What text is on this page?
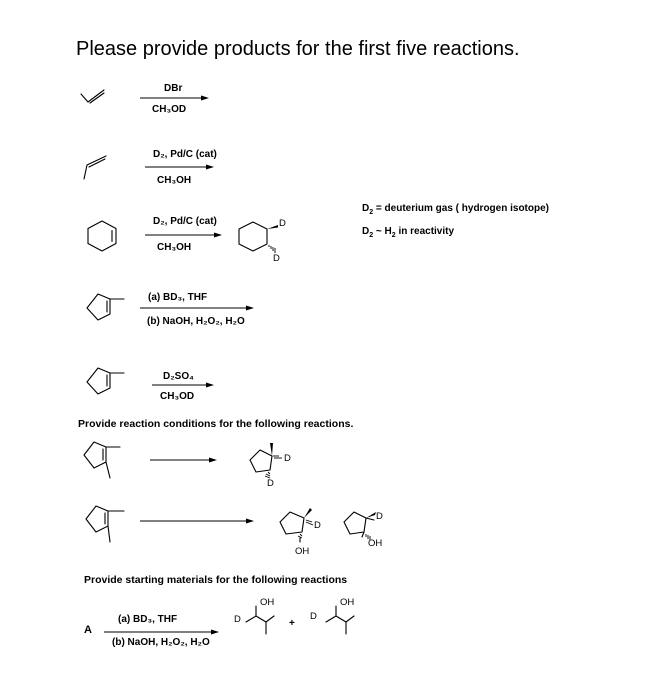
Please provide products for the first five reactions.
DBr
CH₃OD
D₂, Pd/C (cat)
CH₃OH
D₂, Pd/C (cat)
CH₃OH
D
D
$D_2$ = deuterium gas ( hydrogen isotope)
$D_2$ ~ $H_2$ in reactivity
(a) BD₃, THF
(b) NaOH, H₂O₂, H₂O
D₂SO₄
CH₃OD
Provide reaction conditions for the following reactions.
D
D
D
OH
D
OH
Provide starting materials for the following reactions
A
(a) BD₃, THF
(b) NaOH, H₂O₂, H₂O
OH
D	+
OH
D
